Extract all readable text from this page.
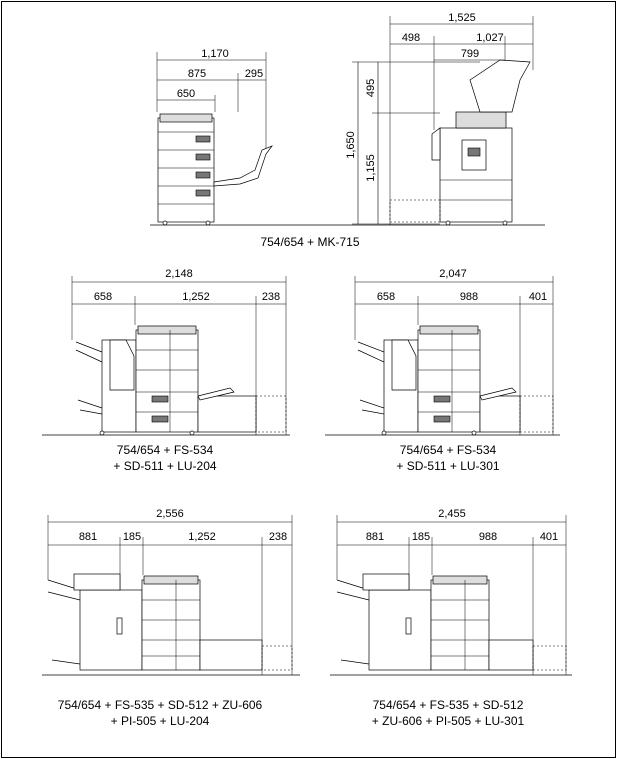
1,170
875	295
650
1,525
498	1,027
799
495
1,650
1,155
754/654 + MK-715
2,148
658	1,252	238
754/654 + FS-534
+ SD-511 + LU-204
2,047
658	988	401
754/654 + FS-534
+ SD-511 + LU-301
2,556
881 185	1,252	238
754/654 + FS-535 + SD-512 + ZU-606
+ PI-505 + LU-204
2,455
881	185	988	401
754/654 + FS-535 + SD-512
+ ZU-606 + PI-505 + LU-301
